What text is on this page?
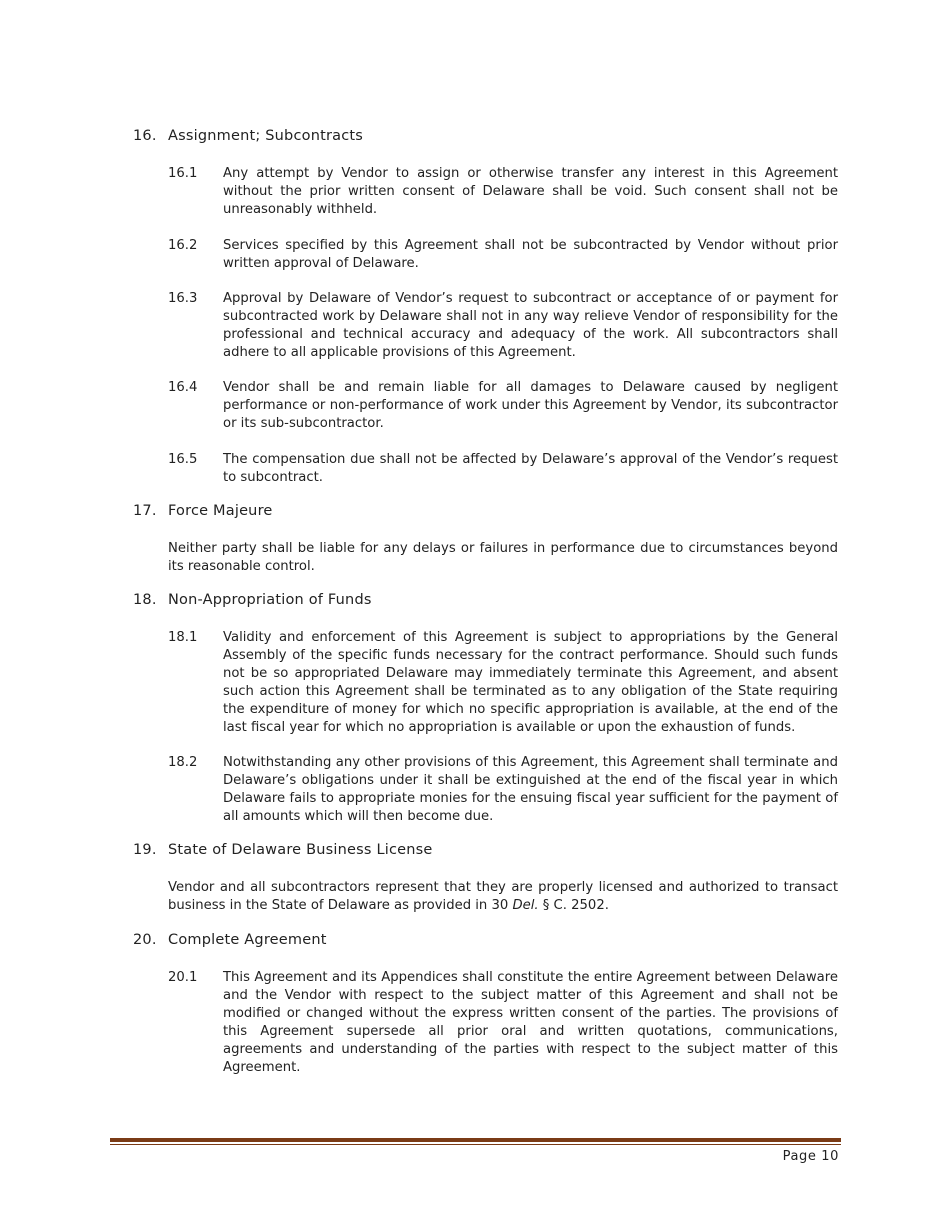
16. Assignment; Subcontracts
16.1 Any attempt by Vendor to assign or otherwise transfer any interest in this Agreement without the prior written consent of Delaware shall be void. Such consent shall not be unreasonably withheld.
16.2 Services specified by this Agreement shall not be subcontracted by Vendor without prior written approval of Delaware.
16.3 Approval by Delaware of Vendor’s request to subcontract or acceptance of or payment for subcontracted work by Delaware shall not in any way relieve Vendor of responsibility for the professional and technical accuracy and adequacy of the work. All subcontractors shall adhere to all applicable provisions of this Agreement.
16.4 Vendor shall be and remain liable for all damages to Delaware caused by negligent performance or non-performance of work under this Agreement by Vendor, its subcontractor or its sub-subcontractor.
16.5 The compensation due shall not be affected by Delaware’s approval of the Vendor’s request to subcontract.
17. Force Majeure
Neither party shall be liable for any delays or failures in performance due to circumstances beyond its reasonable control.
18. Non-Appropriation of Funds
18.1 Validity and enforcement of this Agreement is subject to appropriations by the General Assembly of the specific funds necessary for the contract performance. Should such funds not be so appropriated Delaware may immediately terminate this Agreement, and absent such action this Agreement shall be terminated as to any obligation of the State requiring the expenditure of money for which no specific appropriation is available, at the end of the last fiscal year for which no appropriation is available or upon the exhaustion of funds.
18.2 Notwithstanding any other provisions of this Agreement, this Agreement shall terminate and Delaware’s obligations under it shall be extinguished at the end of the fiscal year in which Delaware fails to appropriate monies for the ensuing fiscal year sufficient for the payment of all amounts which will then become due.
19. State of Delaware Business License
Vendor and all subcontractors represent that they are properly licensed and authorized to transact business in the State of Delaware as provided in 30 Del. § C. 2502.
20. Complete Agreement
20.1 This Agreement and its Appendices shall constitute the entire Agreement between Delaware and the Vendor with respect to the subject matter of this Agreement and shall not be modified or changed without the express written consent of the parties. The provisions of this Agreement supersede all prior oral and written quotations, communications, agreements and understanding of the parties with respect to the subject matter of this Agreement.
Page 10
